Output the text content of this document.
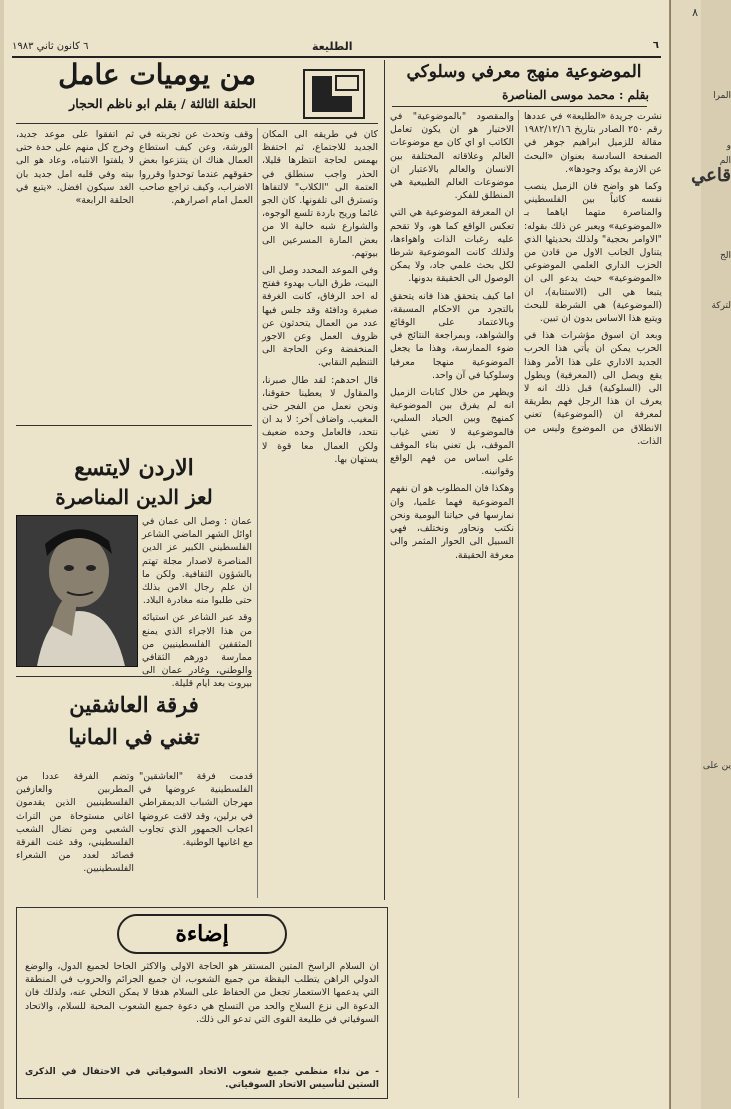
٦ كانون ثاني ١٩٨٣	الطليعة	٦
الموضوعية منهج معرفي وسلوكي
بقلم : محمد موسى المناصرة

نشرت جريدة «الطليعة» في عددها رقم ٢٥٠ الصادر بتاريخ ١٩٨٢/١٢/١٦ مقالة للزميل ابراهيم جوهر في الصفحة السادسة بعنوان «البحث عن الازمة يوكد وجودها».

وكما هو واضح فان الزميل ينصب نفسه كاتباً بين الفلسطيني والمناصرة متهما اياهما بـ «الموضوعية» ويعبر عن ذلك بقوله: "الاوامر بحجية" ولذلك بحديثها الذي يتناول الجانب الاول من قادن من الحزب الداري العلمي الموضوعي «الموضوعية» حيث يدعو الى ان يتبعا هي الى (الاستتابة)، ان (الموضوعية) هي الشرطة للبحث ويتبع هذا الاساس بدون ان تبين.

وبعد ان اسوق مؤشرات هذا في الحرب يمكن ان يأتي هذا الحرب الجديد الاداري على هذا الأمر وهذا يقع ويصل الى (المعرفية) ويطول الى (السلوكية) قبل ذلك انه لا يعرف ان هذا الرجل فهم بطريقة لمعرفة ان (الموضوعية) تعني الانطلاق من الموضوع وليس من الذات.

والمقصود "بالموضوعية" في الاختيار هو ان يكون تعامل الكاتب او اي كان مع موضوعات العالم وعلاقاته المختلفة بين الانسان والعالم بالاعتبار ان موضوعات العالم الطبيعية هي المنطلق للفكر.

ان المعرفة الموضوعية هي التي تعكس الواقع كما هو، ولا تقحم عليه رغبات الذات واهواءها، ولذلك كانت الموضوعية شرطا لكل بحث علمي جاد، ولا يمكن الوصول الى الحقيقة بدونها.

اما كيف يتحقق هذا فانه يتحقق بالتجرد من الاحكام المسبقة، وبالاعتماد على الوقائع والشواهد، وبمراجعة النتائج في ضوء الممارسة، وهذا ما يجعل الموضوعية منهجا معرفيا وسلوكيا في آن واحد.

ويظهر من خلال كتابات الزميل انه لم يفرق بين الموضوعية كمنهج وبين الحياد السلبي، فالموضوعية لا تعني غياب الموقف، بل تعني بناء الموقف على اساس من فهم الواقع وقوانينه.

وهكذا فان المطلوب هو ان نفهم الموضوعية فهما علميا، وان نمارسها في حياتنا اليومية ونحن نكتب ونحاور ونختلف، فهي السبيل الى الحوار المثمر والى معرفة الحقيقة.

من يوميات عامل
الحلقة الثالثة / بقلم ابو ناظم الحجار

كان في طريقه الى المكان الجديد للاجتماع، ثم احتفظ بهمس لحاجة انتظرها قليلا، الحذر واجب سنطلق في العتمة الى "الكلاب" لالتفاها وتسترق الى تلفونها. كان الجو غائما وريح باردة تلسع الوجوه، والشوارع شبه خالية الا من بعض المارة المسرعين الى بيوتهم.

وفي الموعد المحدد وصل الى البيت، طرق الباب بهدوء ففتح له احد الرفاق، كانت الغرفة صغيرة ودافئة وقد جلس فيها عدد من العمال يتحدثون عن ظروف العمل وعن الاجور المنخفضة وعن الحاجة الى التنظيم النقابي.

قال احدهم: لقد طال صبرنا، والمقاول لا يعطينا حقوقنا، ونحن نعمل من الفجر حتى المغيب. واضاف آخر: لا بد ان نتحد، فالعامل وحده ضعيف ولكن العمال معا قوة لا يستهان بها.

وقف وتحدث عن تجربته في الورشة، وعن كيف استطاع العمال هناك ان ينتزعوا بعض حقوقهم عندما توحدوا وقرروا الاضراب، وكيف تراجع صاحب العمل امام اصرارهم.

ثم اتفقوا على موعد جديد، وخرج كل منهم على حدة حتى لا يلفتوا الانتباه، وعاد هو الى بيته وفي قلبه امل جديد بان الغد سيكون افضل. «يتبع في الحلقة الرابعة»

الاردن لايتسع
لعز الدين المناصرة

عمان : وصل الى عمان في اوائل الشهر الماضي الشاعر الفلسطيني الكبير عز الدين المناصرة لاصدار مجلة تهتم بالشؤون الثقافية. ولكن ما ان علم رجال الامن بذلك حتى طلبوا منه مغادرة البلاد.

وقد عبر الشاعر عن استيائه من هذا الاجراء الذي يمنع المثقفين الفلسطينيين من ممارسة دورهم الثقافي والوطني، وغادر عمان الى بيروت بعد ايام قليلة.

فرقة العاشقين
تغني في المانيا

قدمت فرقة "العاشقين" الفلسطينية عروضها في مهرجان الشباب الديمقراطي في برلين، وقد لاقت عروضها اعجاب الجمهور الذي تجاوب مع اغانيها الوطنية.

وتضم الفرقة عددا من المطربين والعازفين الفلسطينيين الذين يقدمون اغاني مستوحاة من التراث الشعبي ومن نضال الشعب الفلسطيني، وقد غنت الفرقة قصائد لعدد من الشعراء الفلسطينيين.

إضاءة
ان السلام الراسخ المتين المستقر هو الحاجة الاولى والاكثر الحاحا لجميع الدول، والوضع الدولي الراهن يتطلب اليقظة من جميع الشعوب، ان جميع الجرائم والحروب في المنطقة التي يدعمها الاستعمار تجعل من الحفاظ على السلام هدفا لا يمكن التخلي عنه، ولذلك فان الدعوة الى نزع السلاح والحد من التسلح هي دعوة جميع الشعوب المحبة للسلام، والاتحاد السوفياتي في طليعة القوى التي تدعو الى ذلك.
- من نداء منظمي جميع شعوب الاتحاد السوفياتي في الاحتفال في الذكرى الستين لتأسيس الاتحاد السوفياتي.
٨
المرا
و
الم
قاعي
الج
لتركة
ين على
